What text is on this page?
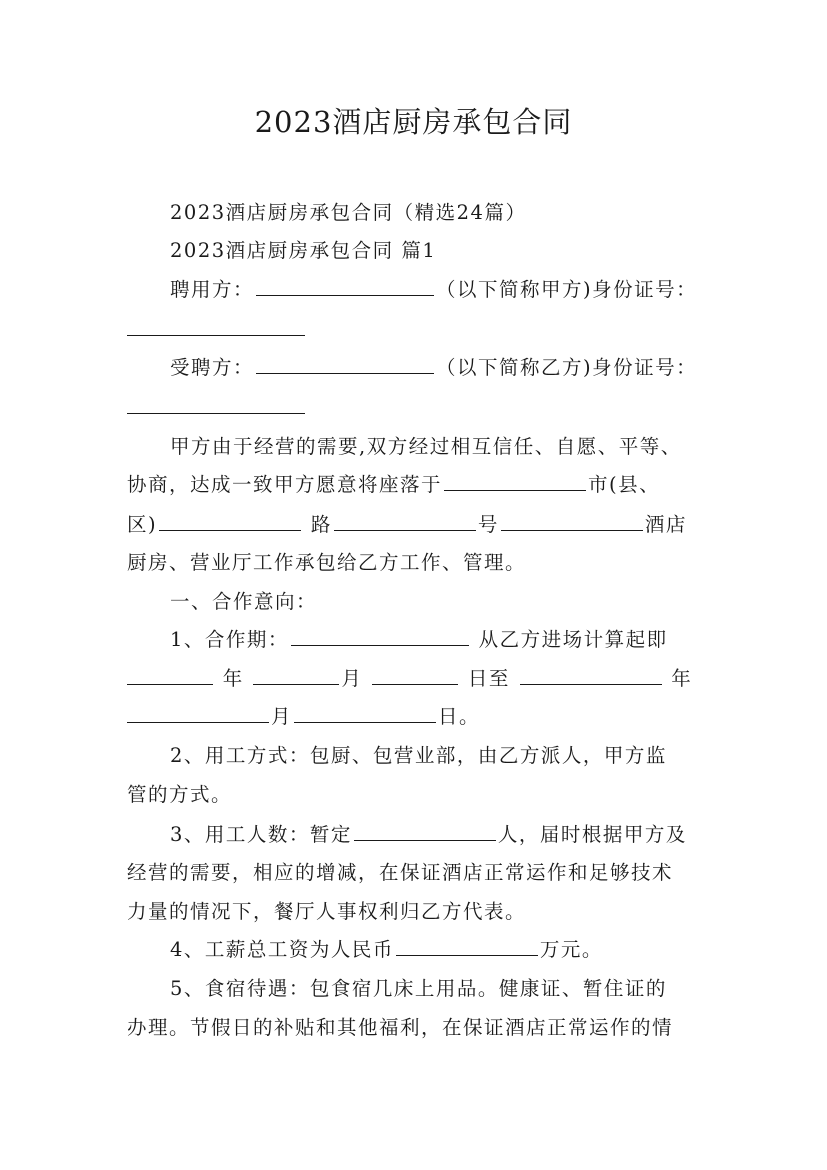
2023酒店厨房承包合同
2023酒店厨房承包合同（精选24篇）
2023酒店厨房承包合同 篇1
聘用方：	（以下简称甲方)身份证号：
受聘方：	（以下简称乙方)身份证号：
甲方由于经营的需要,双方经过相互信任、自愿、平等、
协商，达成一致甲方愿意将座落于	市(县、
区)	路	号	酒店
厨房、营业厅工作承包给乙方工作、管理。
一、合作意向：
1、合作期：	从乙方进场计算起即
年	月	日至	年
月	日。
2、用工方式：包厨、包营业部，由乙方派人，甲方监
管的方式。
3、用工人数：暂定	人，届时根据甲方及
经营的需要，相应的增减，在保证酒店正常运作和足够技术
力量的情况下，餐厅人事权利归乙方代表。
4、工薪总工资为人民币	万元。
5、食宿待遇：包食宿几床上用品。健康证、暂住证的
办理。节假日的补贴和其他福利，在保证酒店正常运作的情
